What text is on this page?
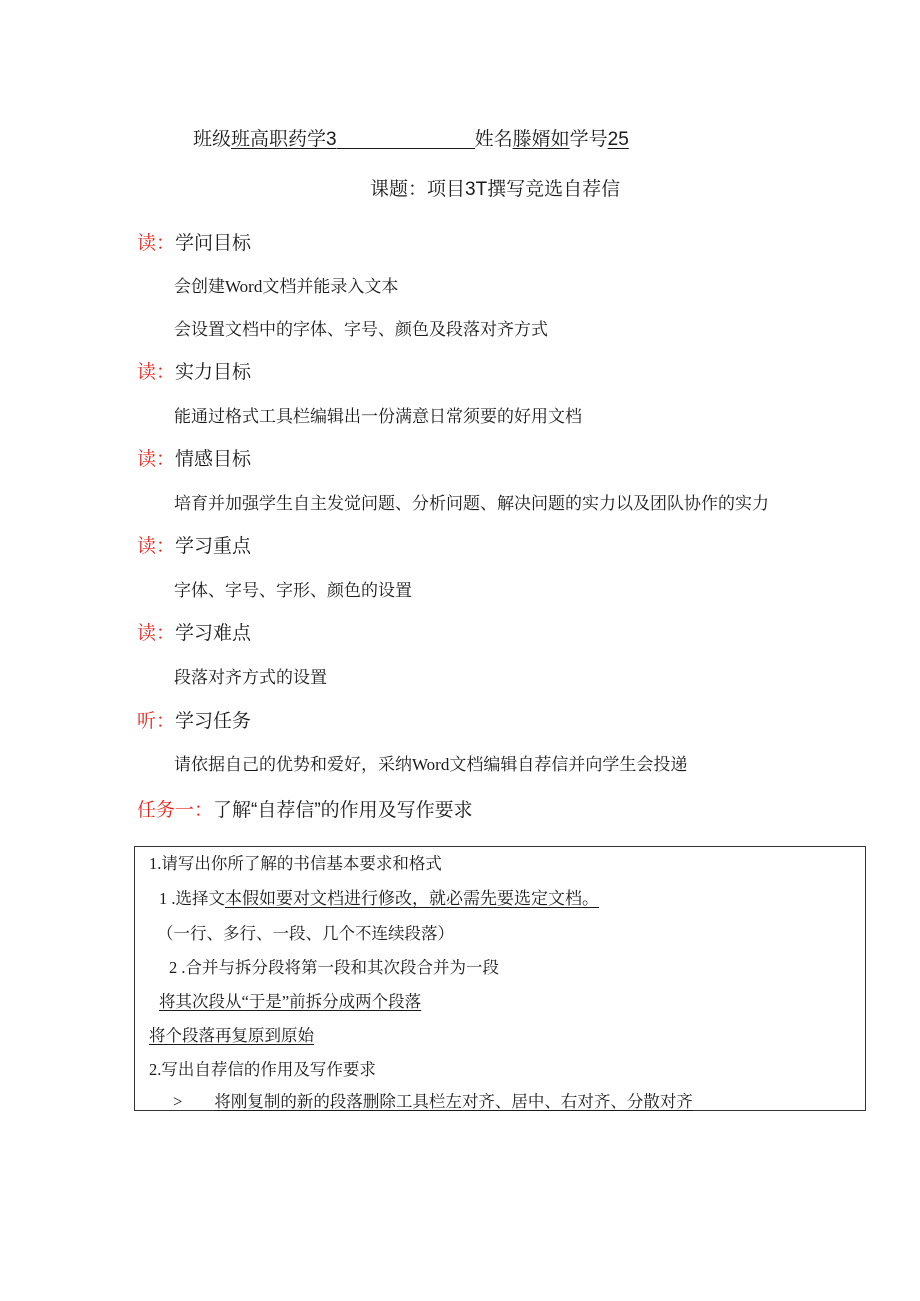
班级班高职药学3	姓名滕婿如学号25
课题：项目3T撰写竞选自荐信
读：学问目标
会创建Word文档并能录入文本
会设置文档中的字体、字号、颜色及段落对齐方式
读：实力目标
能通过格式工具栏编辑出一份满意日常须要的好用文档
读：情感目标
培育并加强学生自主发觉问题、分析问题、解决问题的实力以及团队协作的实力
读：学习重点
字体、字号、字形、颜色的设置
读：学习难点
段落对齐方式的设置
听：学习任务
请依据自己的优势和爱好，采纳Word文档编辑自荐信并向学生会投递
任务一：了解“自荐信”的作用及写作要求
1.请写出你所了解的书信基本要求和格式
1 .选择文本假如要对文档进行修改，就必需先要选定文档。
（一行、多行、一段、几个不连续段落）
2 .合并与拆分段将第一段和其次段合并为一段
将其次段从“于是”前拆分成两个段落
将个段落再复原到原始
2.写出自荐信的作用及写作要求
> 将刚复制的新的段落删除工具栏左对齐、居中、右对齐、分散对齐
